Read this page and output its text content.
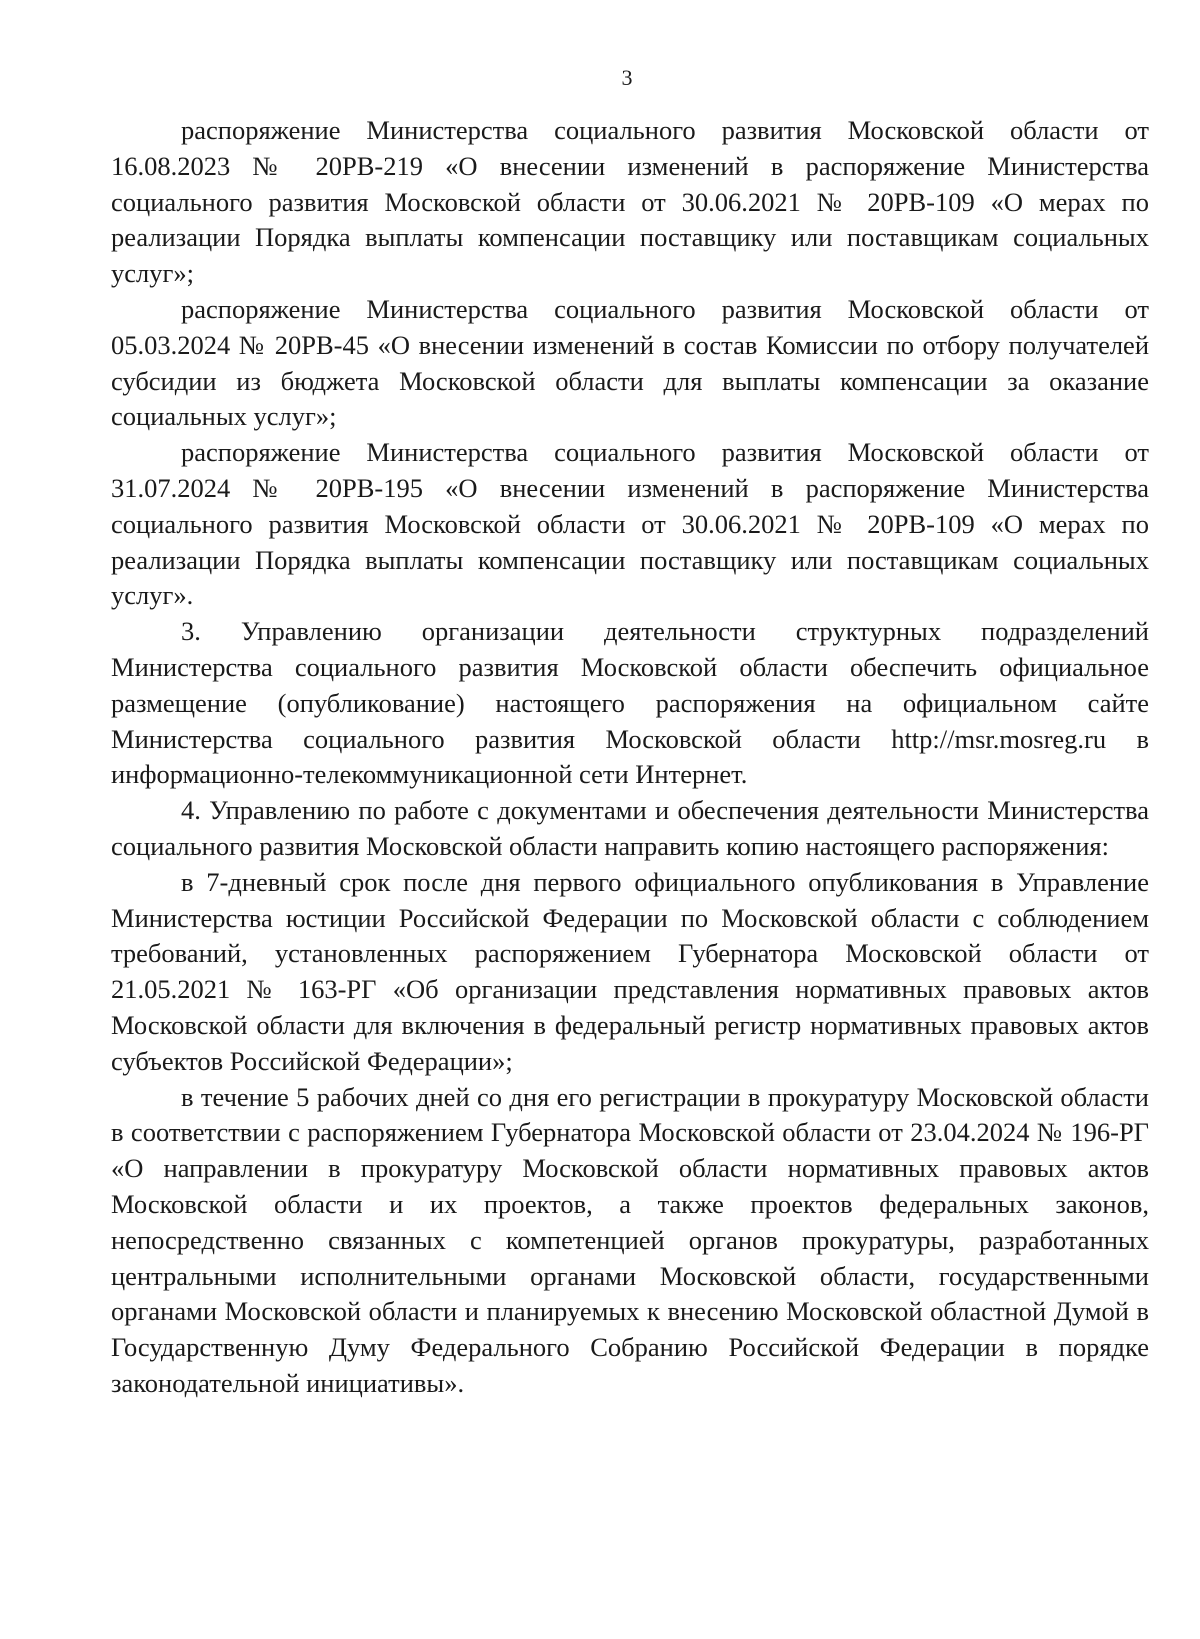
3

распоряжение Министерства социального развития Московской области от 16.08.2023 № 20РВ-219 «О внесении изменений в распоряжение Министерства социального развития Московской области от 30.06.2021 № 20РВ-109 «О мерах по реализации Порядка выплаты компенсации поставщику или поставщикам социальных услуг»;

распоряжение Министерства социального развития Московской области от 05.03.2024 № 20РВ-45 «О внесении изменений в состав Комиссии по отбору получателей субсидии из бюджета Московской области для выплаты компенсации за оказание социальных услуг»;

распоряжение Министерства социального развития Московской области от 31.07.2024 № 20РВ-195 «О внесении изменений в распоряжение Министерства социального развития Московской области от 30.06.2021 № 20РВ-109 «О мерах по реализации Порядка выплаты компенсации поставщику или поставщикам социальных услуг».

3. Управлению организации деятельности структурных подразделений Министерства социального развития Московской области обеспечить официальное размещение (опубликование) настоящего распоряжения на официальном сайте Министерства социального развития Московской области http://msr.mosreg.ru в информационно-телекоммуникационной сети Интернет.

4. Управлению по работе с документами и обеспечения деятельности Министерства социального развития Московской области направить копию настоящего распоряжения:

в 7-дневный срок после дня первого официального опубликования в Управление Министерства юстиции Российской Федерации по Московской области с соблюдением требований, установленных распоряжением Губернатора Московской области от 21.05.2021 № 163-РГ «Об организации представления нормативных правовых актов Московской области для включения в федеральный регистр нормативных правовых актов субъектов Российской Федерации»;

в течение 5 рабочих дней со дня его регистрации в прокуратуру Московской области в соответствии с распоряжением Губернатора Московской области от 23.04.2024 № 196-РГ «О направлении в прокуратуру Московской области нормативных правовых актов Московской области и их проектов, а также проектов федеральных законов, непосредственно связанных с компетенцией органов прокуратуры, разработанных центральными исполнительными органами Московской области, государственными органами Московской области и планируемых к внесению Московской областной Думой в Государственную Думу Федерального Собранию Российской Федерации в порядке законодательной инициативы».
